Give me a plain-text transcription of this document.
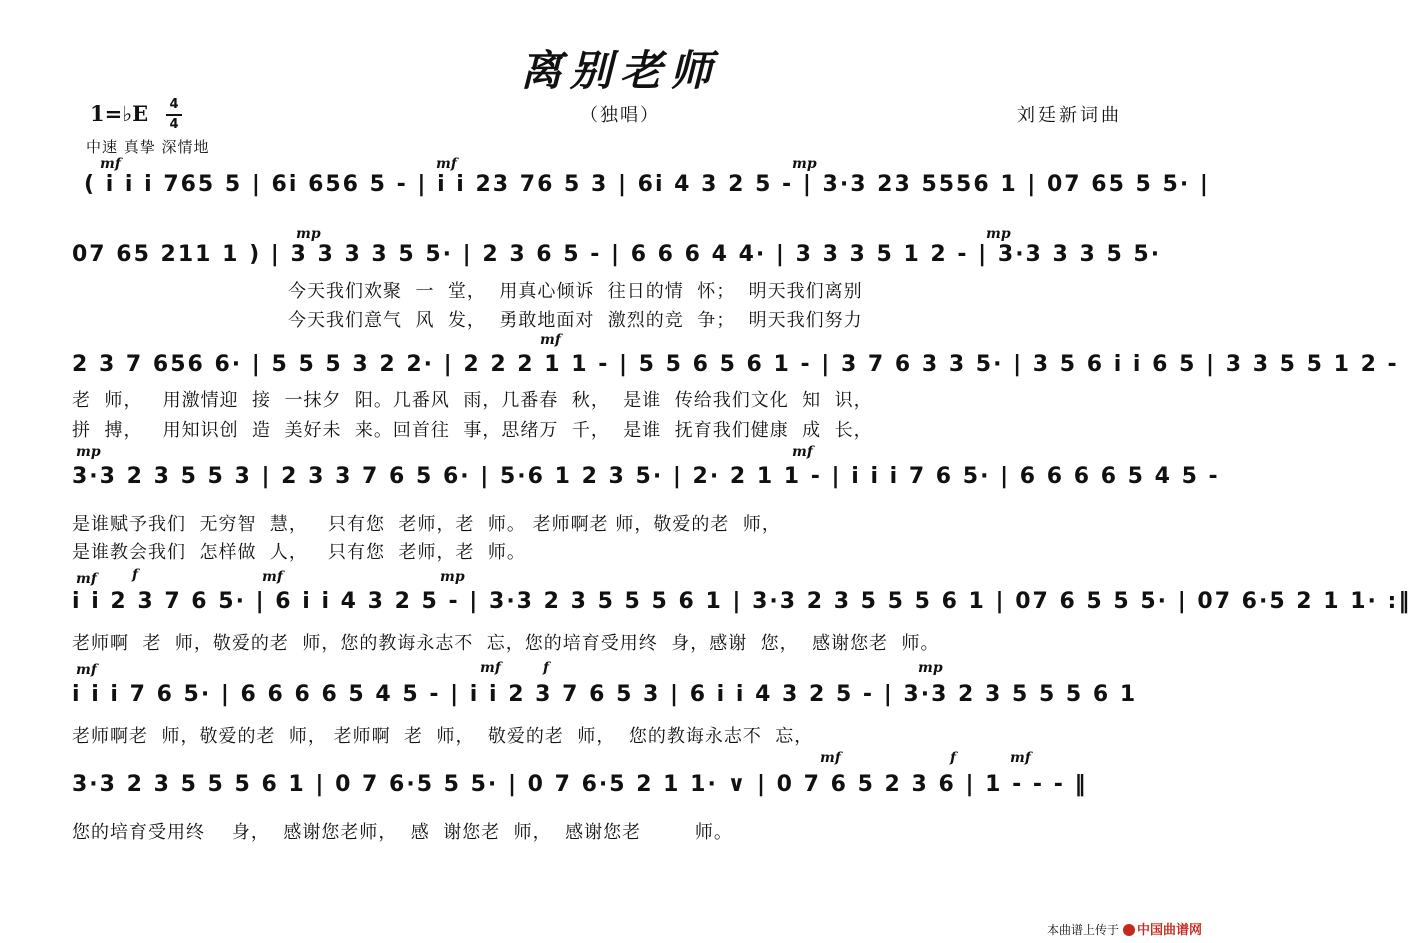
离别老师
（独唱）	刘廷新词曲
1=♭E 4
4
中速 真挚 深情地
mf	mf	mp
( i i i 765 5 | 6i 656 5 - | i i 23 76 5 3 | 6i 4 3 2 5 - | 3·3 23 5556 1 | 07 65 5 5· |
mp	mp
07 65 211 1 ) | 3 3 3 3 5 5· | 2 3 6 5 - | 6 6 6 4 4· | 3 3 3 5 1 2 - | 3·3 3 3 5 5·
今天我们欢聚  一  堂，  用真心倾诉  往日的情  怀；  明天我们离别
今天我们意气  风  发，  勇敢地面对  激烈的竞  争；  明天我们努力
mf
2 3 7 656 6· | 5 5 5 3 2 2· | 2 2 2 1 1 - | 5 5 6 5 6 1 - | 3 7 6 3 3 5· | 3 5 6 i i 6 5 | 3 3 5 5 1 2 -
老  师，   用激情迎  接  一抹夕  阳。几番风  雨，几番春  秋，  是谁  传给我们文化  知  识，
拼  搏，   用知识创  造  美好未  来。回首往  事，思绪万  千，  是谁  抚育我们健康  成  长，
mp	mf
3·3 2 3 5 5 3 | 2 3 3 7 6 5 6· | 5·6 1 2 3 5· | 2· 2 1 1 - | i i i 7 6 5· | 6 6 6 6 5 4 5 -
是谁赋予我们  无穷智  慧，   只有您  老师，老  师。 老师啊老 师，敬爱的老  师，
是谁教会我们  怎样做  人，   只有您  老师，老  师。
mf	f	mf	mp
i i 2 3 7 6 5· | 6 i i 4 3 2 5 - | 3·3 2 3 5 5 5 6 1 | 3·3 2 3 5 5 5 6 1 | 07 6 5 5 5· | 07 6·5 2 1 1· :‖
老师啊  老  师，敬爱的老  师，您的教诲永志不  忘，您的培育受用终  身，感谢  您，  感谢您老  师。
mf	mf	f	mp
i i i 7 6 5· | 6 6 6 6 5 4 5 - | i i 2 3 7 6 5 3 | 6 i i 4 3 2 5 - | 3·3 2 3 5 5 5 6 1
老师啊老  师，敬爱的老  师， 老师啊  老  师，  敬爱的老  师，  您的教诲永志不  忘，
mf	f	mf
3·3 2 3 5 5 5 6 1 | 0 7 6·5 5 5· | 0 7 6·5 2 1 1· ∨ | 0 7 6 5 2 3 6 | 1 - - - ‖
您的培育受用终    身，  感谢您老师，  感  谢您老  师，  感谢您老        师。
本曲谱上传于 中国曲谱网
